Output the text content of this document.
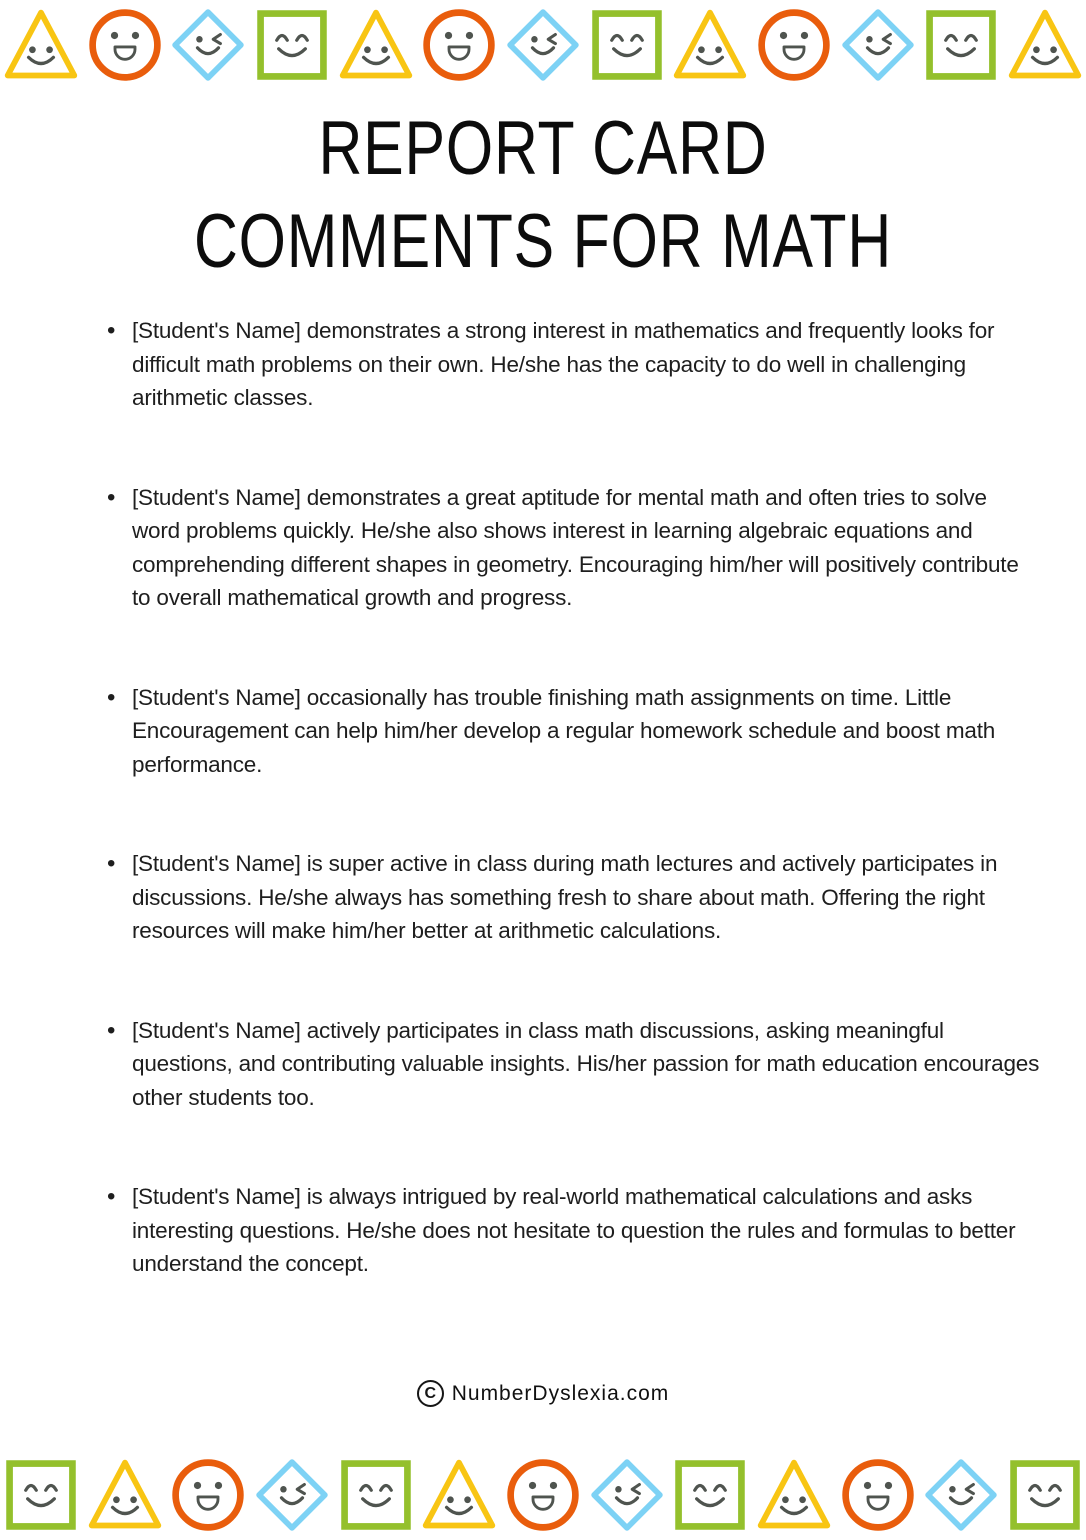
REPORT CARD
COMMENTS FOR MATH
• [Student's Name] demonstrates a strong interest in mathematics and frequently looks for difficult math problems on their own. He/she has the capacity to do well in challenging arithmetic classes.
• [Student's Name] demonstrates a great aptitude for mental math and often tries to solve word problems quickly. He/she also shows interest in learning algebraic equations and comprehending different shapes in geometry. Encouraging him/her will positively contribute to overall mathematical growth and progress.
• [Student's Name] occasionally has trouble finishing math assignments on time. Little Encouragement can help him/her develop a regular homework schedule and boost math performance.
• [Student's Name] is super active in class during math lectures and actively participates in discussions. He/she always has something fresh to share about math. Offering the right resources will make him/her better at arithmetic calculations.
• [Student's Name] actively participates in class math discussions, asking meaningful questions, and contributing valuable insights. His/her passion for math education encourages other students too.
• [Student's Name] is always intrigued by real-world mathematical calculations and asks interesting questions. He/she does not hesitate to question the rules and formulas to better understand the concept.
C NumberDyslexia.com
